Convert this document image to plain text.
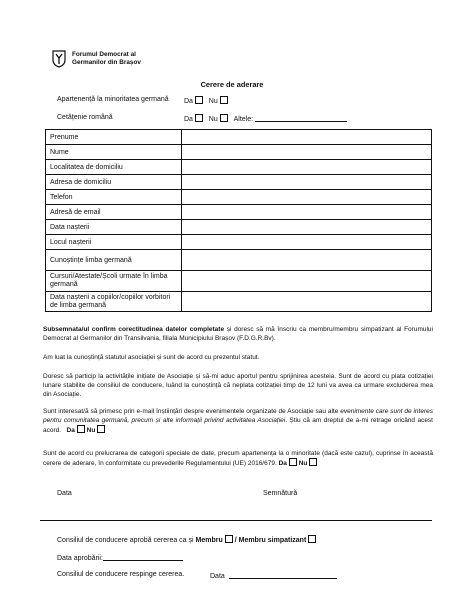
Forumul Democrat al
Germanilor din Brașov
Cerere de aderare
Apartenență la minoritatea germană Da Nu
Cetățenie română	Da Nu Altele:
Prenume	
Nume	
Localitatea de domiciliu	
Adresa de domiciliu	
Telefon	
Adresă de email	
Data nașterii	
Locul nașterii	
Cunoștințe limba germană	
Cursuri/Atestate/Școli urmate în limba germană	
Data nașterii a copiilor/copiilor vorbitori de limba germană	
Subsemnata/ul confirm corectitudinea datelor completate și doresc să mă înscriu ca membru/membru simpatizant al Forumului Democrat al Germanilor din Transilvania, filiala Municipiului Brașov (F.D.G.R.Bv).
Am luat la cunoștință statutul asociației și sunt de acord cu prezentul statut.
Doresc să particip la activitățile inițiate de Asociație și să-mi aduc aportul pentru sprijinirea acesteia. Sunt de acord cu plata cotizației lunare stabilite de consiliul de conducere, luând la cunoștință că neplata cotizației timp de 12 luni va avea ca urmare excluderea mea din Asociație.
Sunt interesat/ă să primesc prin e-mail înștiințări despre evenimentele organizate de Asociație sau alte evenimente care sunt de interes pentru comunitatea germană, precum și alte informații privind activitatea Asociației. Știu că am dreptul de a-mi retrage oricând acest acord. Da Nu
Sunt de acord cu prelucrarea de categorii speciale de date, precum apartenența la o minoritate (dacă este cazul), cuprinse în această cerere de aderare, în conformitate cu prevederile Regulamentului (UE) 2016/679. Da Nu
Data	Semnătură
Consiliul de conducere aprobă cererea ca și Membru / Membru simpatizant
Data aprobării:
Consiliul de conducere respinge cererea.	Data
